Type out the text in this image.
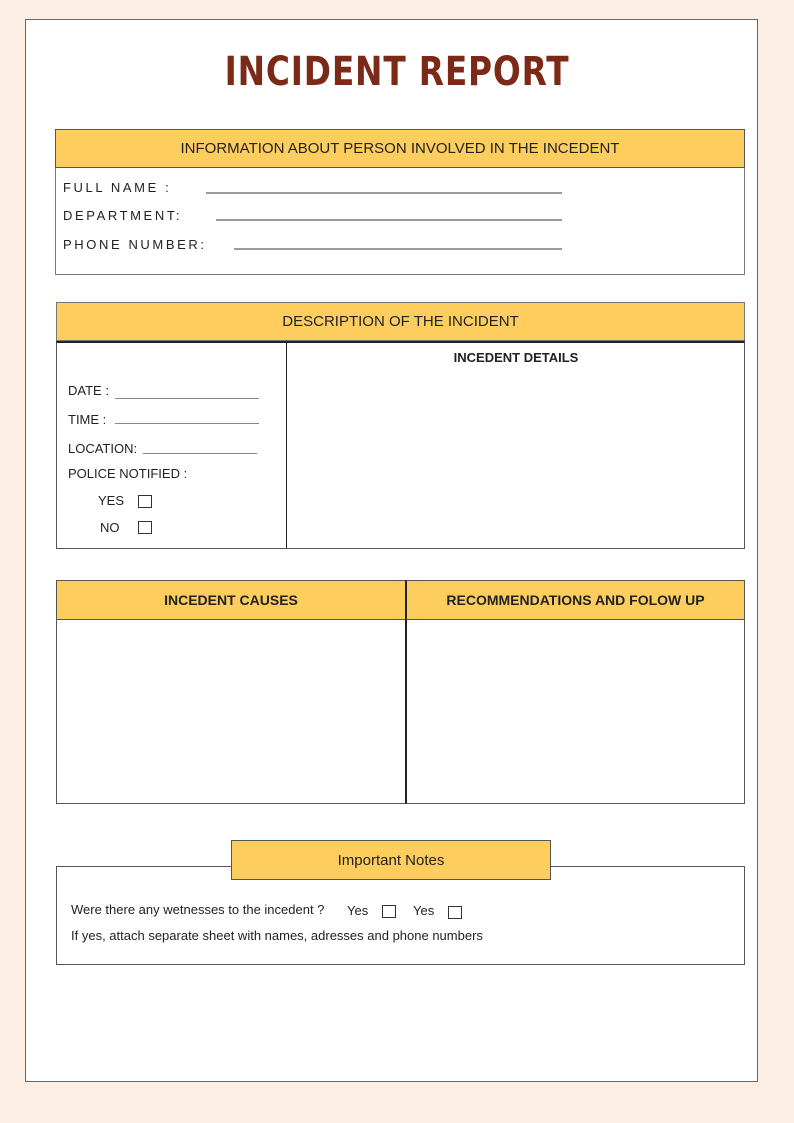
INCIDENT REPORT
INFORMATION ABOUT PERSON INVOLVED IN THE INCEDENT
FULL NAME :
DEPARTMENT:
PHONE NUMBER:
DESCRIPTION OF THE INCIDENT
INCEDENT DETAILS
DATE :
TIME :
LOCATION:
POLICE NOTIFIED :
YES
NO
INCEDENT CAUSES	RECOMMENDATIONS AND FOLOW UP
Important Notes
Were there any wetnesses to the incedent ? Yes	Yes
If yes, attach separate sheet with names, adresses and phone numbers
